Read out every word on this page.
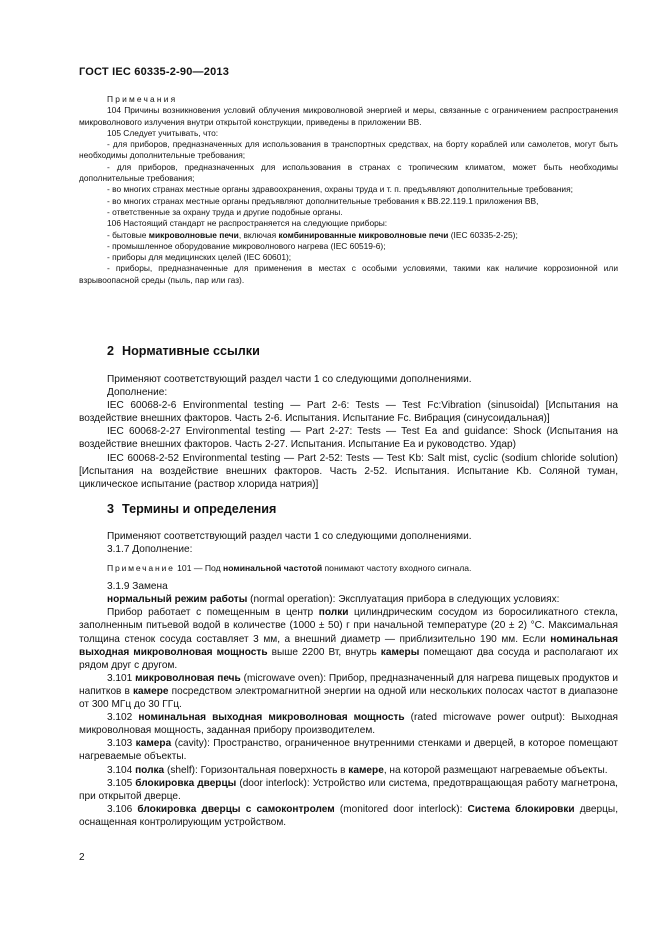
ГОСТ IEC 60335-2-90—2013

Примечания

104 Причины возникновения условий облучения микроволновой энергией и меры, связанные с ограничением распространения микроволнового излучения внутри открытой конструкции, приведены в приложении ВВ.

105 Следует учитывать, что:

- для приборов, предназначенных для использования в транспортных средствах, на борту кораблей или самолетов, могут быть необходимы дополнительные требования;

- для приборов, предназначенных для использования в странах с тропическим климатом, может быть необходимы дополнительные требования;

- во многих странах местные органы здравоохранения, охраны труда и т. п. предъявляют дополнительные требования;

- во многих странах местные органы предъявляют дополнительные требования к ВВ.22.119.1 приложения ВВ,

- ответственные за охрану труда и другие подобные органы.

106 Настоящий стандарт не распространяется на следующие приборы:

- бытовые микроволновые печи, включая комбинированные микроволновые печи (IEC 60335-2-25);

- промышленное оборудование микроволнового нагрева (IEC 60519-6);

- приборы для медицинских целей (IEC 60601);

- приборы, предназначенные для применения в местах с особыми условиями, такими как наличие коррозионной или взрывоопасной среды (пыль, пар или газ).

2 Нормативные ссылки

Применяют соответствующий раздел части 1 со следующими дополнениями.

Дополнение:

IEC 60068-2-6 Environmental testing — Part 2-6: Tests — Test Fc:Vibration (sinusoidal) [Испытания на воздействие внешних факторов. Часть 2-6. Испытания. Испытание Fc. Вибрация (синусоидальная)]

IEC 60068-2-27 Environmental testing — Part 2-27: Tests — Test Ea and guidance: Shock (Испытания на воздействие внешних факторов. Часть 2-27. Испытания. Испытание Еа и руководство. Удар)

IEC 60068-2-52 Environmental testing — Part 2-52: Tests — Test Kb: Salt mist, cyclic (sodium chloride solution) [Испытания на воздействие внешних факторов. Часть 2-52. Испытания. Испытание Kb. Соляной туман, циклическое испытание (раствор хлорида натрия)]

3 Термины и определения

Применяют соответствующий раздел части 1 со следующими дополнениями.

3.1.7 Дополнение:

Примечание 101 — Под номинальной частотой понимают частоту входного сигнала.

3.1.9 Замена

нормальный режим работы (normal operation): Эксплуатация прибора в следующих условиях:

Прибор работает с помещенным в центр полки цилиндрическим сосудом из боросиликатного стекла, заполненным питьевой водой в количестве (1000 ± 50) г при начальной температуре (20 ± 2) °С. Максимальная толщина стенок сосуда составляет 3 мм, а внешний диаметр — приблизительно 190 мм. Если номинальная выходная микроволновая мощность выше 2200 Вт, внутрь камеры помещают два сосуда и располагают их рядом друг с другом.

3.101 микроволновая печь (microwave oven): Прибор, предназначенный для нагрева пищевых продуктов и напитков в камере посредством электромагнитной энергии на одной или нескольких полосах частот в диапазоне от 300 МГц до 30 ГГц.

3.102 номинальная выходная микроволновая мощность (rated microwave power output): Выходная микроволновая мощность, заданная прибору производителем.

3.103 камера (cavity): Пространство, ограниченное внутренними стенками и дверцей, в которое помещают нагреваемые объекты.

3.104 полка (shelf): Горизонтальная поверхность в камере, на которой размещают нагреваемые объекты.

3.105 блокировка дверцы (door interlock): Устройство или система, предотвращающая работу магнетрона, при открытой дверце.

3.106 блокировка дверцы с самоконтролем (monitored door interlock): Система блокировки дверцы, оснащенная контролирующим устройством.

2
